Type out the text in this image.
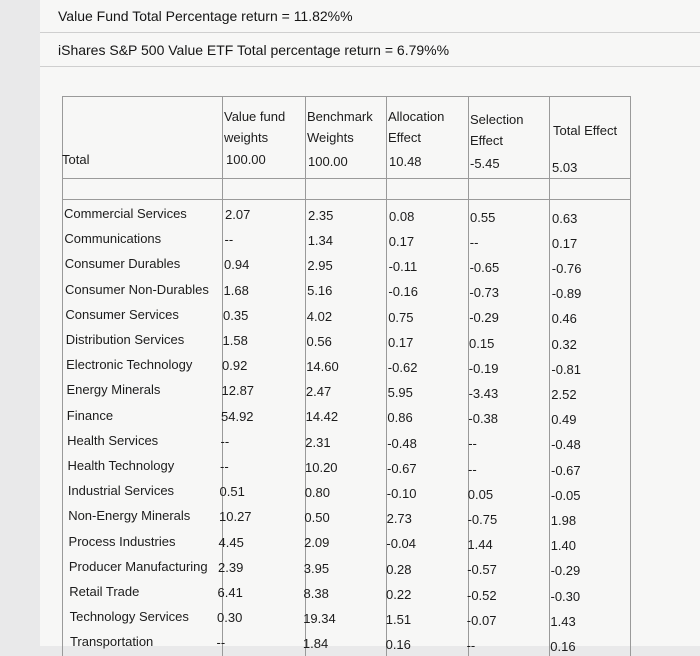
Value Fund Total Percentage return = 11.82%%
iShares S&P 500 Value ETF Total percentage return = 6.79%%
Value fund
weights
Benchmark
Weights
Allocation
Effect
Selection
Effect
Total Effect
Total	100.00	100.00	10.48	-5.45	5.03
Commercial Services	2.07	2.35	0.08	0.55	0.63
Communications	--	1.34	0.17	--	0.17
Consumer Durables	0.94	2.95	-0.11	-0.65	-0.76
Consumer Non-Durables 1.68	5.16	-0.16	-0.73	-0.89
Consumer Services	0.35	4.02	0.75	-0.29	0.46
Distribution Services	1.58	0.56	0.17	0.15	0.32
Electronic Technology 0.92	14.60	-0.62	-0.19	-0.81
Energy Minerals	12.87	2.47	5.95	-3.43	2.52
Finance	54.92	14.42	0.86	-0.38	0.49
Health Services	--	2.31	-0.48	--	-0.48
Health Technology	--	10.20	-0.67	--	-0.67
Industrial Services	0.51	0.80	-0.10	0.05	-0.05
Non-Energy Minerals 10.27	0.50	2.73	-0.75	1.98
Process Industries	4.45	2.09	-0.04	1.44	1.40
Producer Manufacturing 2.39	3.95	0.28	-0.57	-0.29
Retail Trade	6.41	8.38	0.22	-0.52	-0.30
Technology Services 0.30	19.34	1.51	-0.07	1.43
Transportation	--	1.84	0.16	--	0.16
